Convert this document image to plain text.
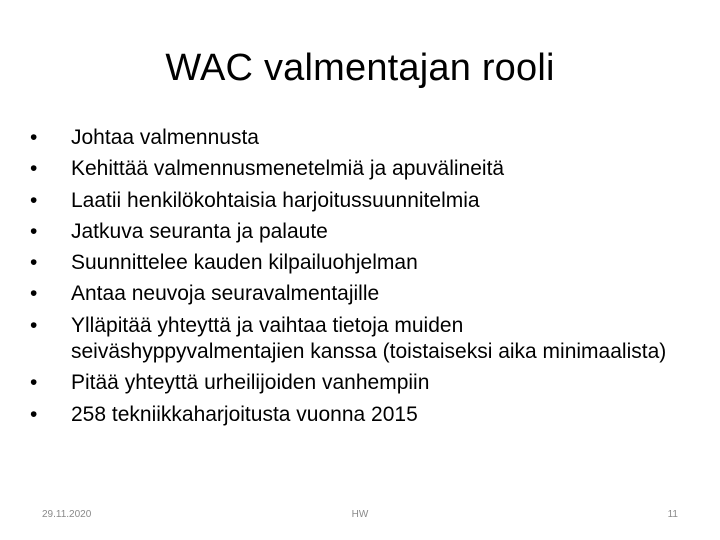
WAC valmentajan rooli
•
Johtaa valmennusta
•
Kehittää valmennusmenetelmiä ja apuvälineitä
•
Laatii henkilökohtaisia harjoitussuunnitelmia
•
Jatkuva seuranta ja palaute
•
Suunnittelee kauden kilpailuohjelman
•
Antaa neuvoja seuravalmentajille
•
Ylläpitää yhteyttä ja vaihtaa tietoja muiden seiväshyppyvalmentajien kanssa (toistaiseksi aika minimaalista)
•
Pitää yhteyttä urheilijoiden vanhempiin
•
258 tekniikkaharjoitusta vuonna 2015
29.11.2020	HW	11
